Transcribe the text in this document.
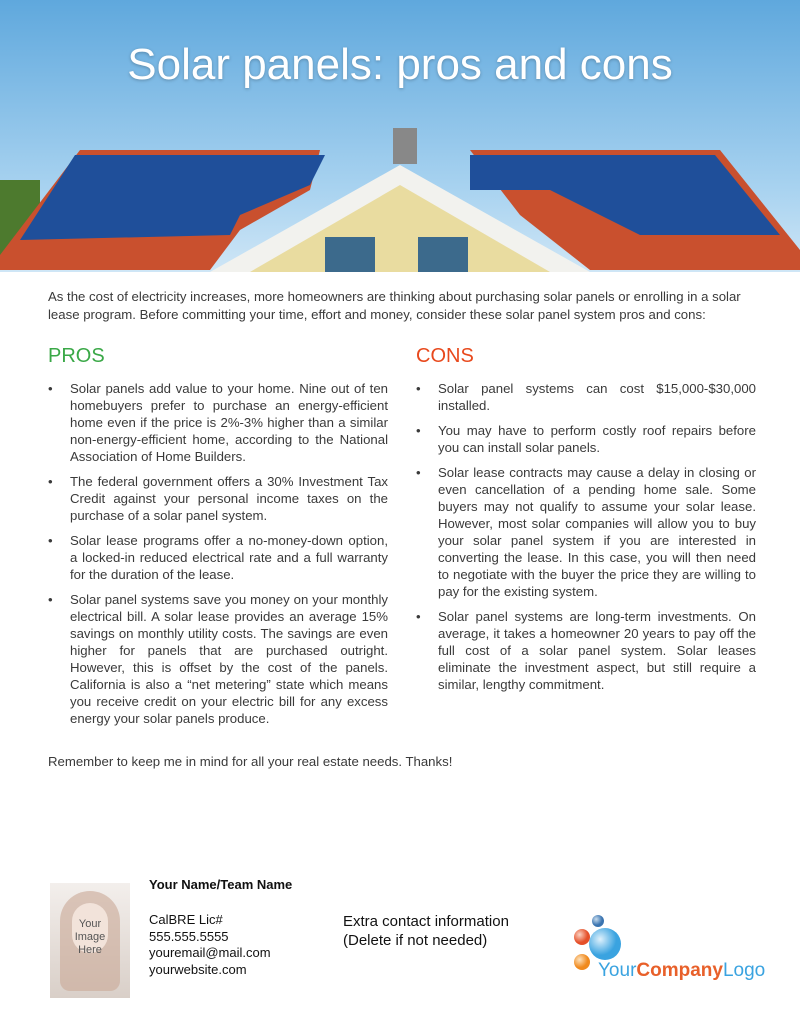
Solar panels: pros and cons

As the cost of electricity increases, more homeowners are thinking about purchasing solar panels or enrolling in a solar lease program. Before committing your time, effort and money, consider these solar panel system pros and cons:

PROS
• Solar panels add value to your home. Nine out of ten homebuyers prefer to purchase an energy-efficient home even if the price is 2%-3% higher than a similar non-energy-efficient home, according to the National Association of Home Builders.
• The federal government offers a 30% Investment Tax Credit against your personal income taxes on the purchase of a solar panel system.
• Solar lease programs offer a no-money-down option, a locked-in reduced electrical rate and a full warranty for the duration of the lease.
• Solar panel systems save you money on your monthly electrical bill. A solar lease provides an average 15% savings on monthly utility costs. The savings are even higher for panels that are purchased outright. However, this is offset by the cost of the panels. California is also a “net metering” state which means you receive credit on your electric bill for any excess energy your solar panels produce.
CONS
• Solar panel systems can cost $15,000-$30,000 installed.
• You may have to perform costly roof repairs before you can install solar panels.
• Solar lease contracts may cause a delay in closing or even cancellation of a pending home sale. Some buyers may not qualify to assume your solar lease. However, most solar companies will allow you to buy your solar panel system if you are interested in converting the lease. In this case, you will then need to negotiate with the buyer the price they are willing to pay for the existing system.
• Solar panel systems are long-term investments. On average, it takes a homeowner 20 years to pay off the full cost of a solar panel system. Solar leases eliminate the investment aspect, but still require a similar, lengthy commitment.

Remember to keep me in mind for all your real estate needs. Thanks!

Your
Image
Here
Your Name/Team Name
CalBRE Lic#
555.555.5555
youremail@mail.com
yourwebsite.com
Extra contact information
(Delete if not needed)
YourCompanyLogo
